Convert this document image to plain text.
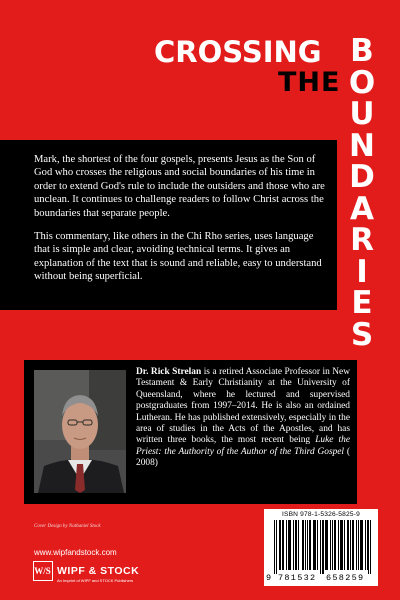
CROSSING
THE
B
O
U
N
D
A
R
I
E
S

Mark, the shortest of the four gospels, presents Jesus as the Son of God who crosses the religious and social boundaries of his time in order to extend God's rule to include the outsiders and those who are unclean. It continues to challenge readers to follow Christ across the boundaries that separate people.

This commentary, like others in the Chi Rho series, uses language that is simple and clear, avoiding technical terms. It gives an explanation of the text that is sound and reliable, easy to understand without being superficial.

Dr. Rick Strelan is a retired Associate Professor in New Testament & Early Christianity at the University of Queensland, where he lectured and supervised postgraduates from 1997–2014. He is also an ordained Lutheran. He has published extensively, especially in the area of studies in the Acts of the Apostles, and has written three books, the most recent being Luke the Priest: the Authority of the Author of the Third Gospel ( 2008)
Cover Design by Nathaniel Stock
www.wipfandstock.com
W/S WIPF & STOCK
An Imprint of WIPF and STOCK Publishers
ISBN 978-1-5326-5825-9
9 781532 658259
